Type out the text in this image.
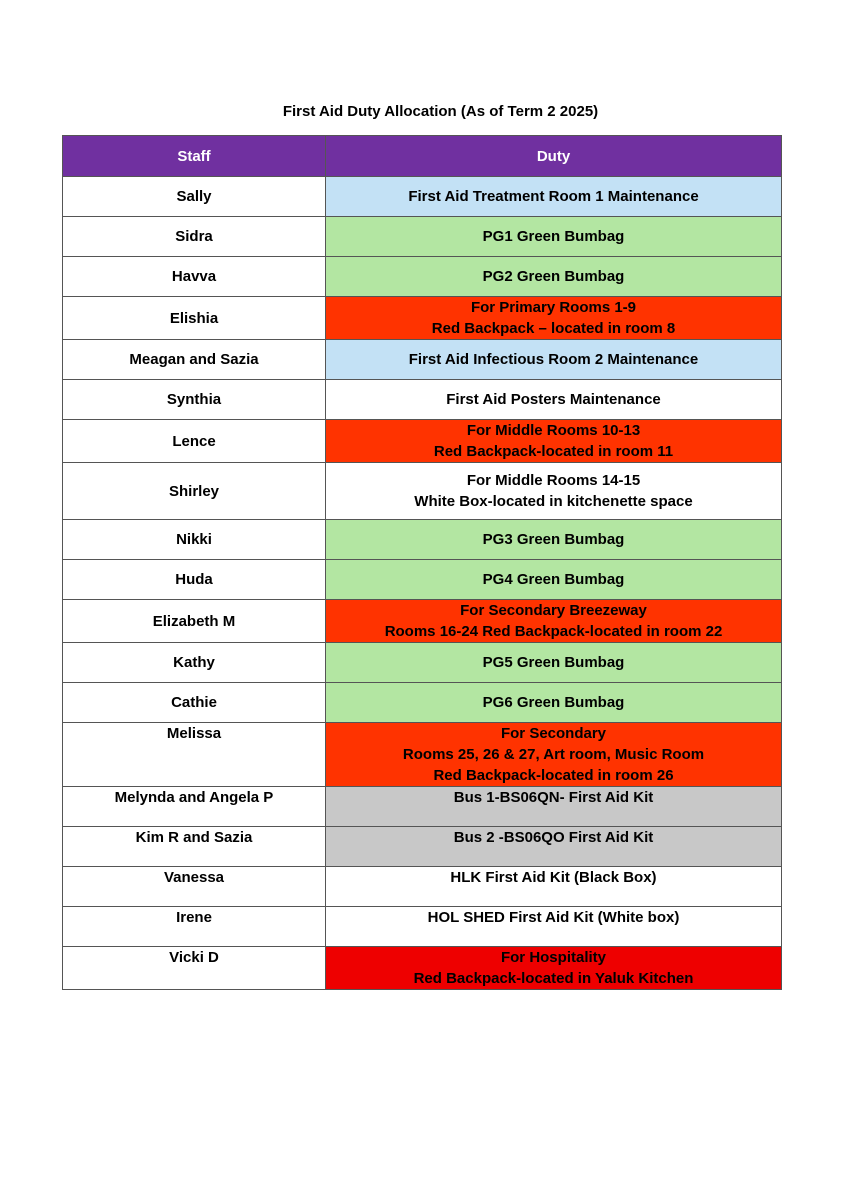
First Aid Duty Allocation (As of Term 2 2025)
Staff	Duty
Sally	First Aid Treatment Room 1 Maintenance

Sidra	PG1 Green Bumbag

Havva	PG2 Green Bumbag

Elishia	For Primary Rooms 1-9
Red Backpack – located in room 8

Meagan and Sazia	First Aid Infectious Room 2 Maintenance

Synthia	First Aid Posters Maintenance

Lence	For Middle Rooms 10-13
Red Backpack-located in room 11

Shirley	For Middle Rooms 14-15
White Box-located in kitchenette space

Nikki	PG3 Green Bumbag

Huda	PG4 Green Bumbag

Elizabeth M	For Secondary Breezeway
Rooms 16-24 Red Backpack-located in room 22

Kathy	PG5 Green Bumbag

Cathie	PG6 Green Bumbag

Melissa	For Secondary
Rooms 25, 26 & 27, Art room, Music Room
Red Backpack-located in room 26

Melynda and Angela P	Bus 1-BS06QN- First Aid Kit

Kim R and Sazia	Bus 2 -BS06QO First Aid Kit

Vanessa	HLK First Aid Kit (Black Box)

Irene	HOL SHED First Aid Kit (White box)

Vicki D	For Hospitality
Red Backpack-located in Yaluk Kitchen
